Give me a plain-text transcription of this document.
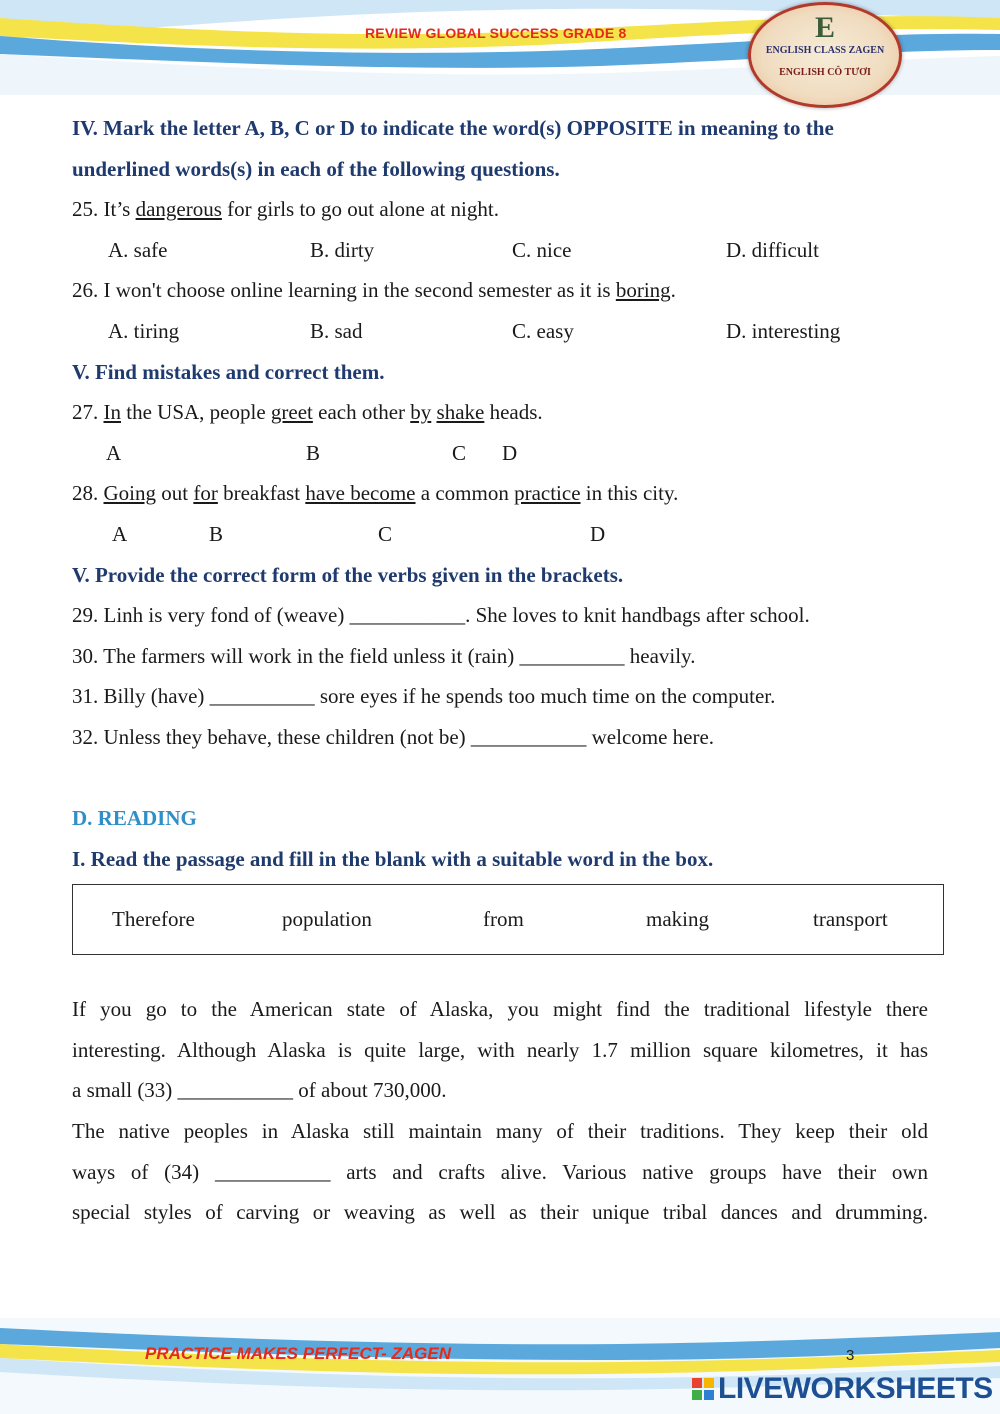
REVIEW GLOBAL SUCCESS GRADE 8	E
ENGLISH CLASS ZAGEN
ENGLISH CÔ TƯƠI
IV. Mark the letter A, B, C or D to indicate the word(s) OPPOSITE in meaning to the
underlined words(s) in each of the following questions.
25. It’s dangerous for girls to go out alone at night.
A. safe	B. dirty	C. nice	D. difficult
26. I won't choose online learning in the second semester as it is boring.
A. tiring	B. sad	C. easy	D. interesting
V. Find mistakes and correct them.
27. In the USA, people greet each other by shake heads.
A	B	C D
28. Going out for breakfast have become a common practice in this city.
A	B	C	D
V. Provide the correct form of the verbs given in the brackets.
29. Linh is very fond of (weave) ___________. She loves to knit handbags after school.
30. The farmers will work in the field unless it (rain) __________ heavily.
31. Billy (have) __________ sore eyes if he spends too much time on the computer.
32. Unless they behave, these children (not be) ___________ welcome here.
D. READING
I. Read the passage and fill in the blank with a suitable word in the box.
Therefore	population	from	making	transport
If you go to the American state of Alaska, you might find the traditional lifestyle there
interesting. Although Alaska is quite large, with nearly 1.7 million square kilometres, it has
a small (33) ___________ of about 730,000.
The native peoples in Alaska still maintain many of their traditions. They keep their old
ways of (34) ___________ arts and crafts alive. Various native groups have their own
special styles of carving or weaving as well as their unique tribal dances and drumming.
PRACTICE MAKES PERFECT- ZAGEN	3
LIVEWORKSHEETS
